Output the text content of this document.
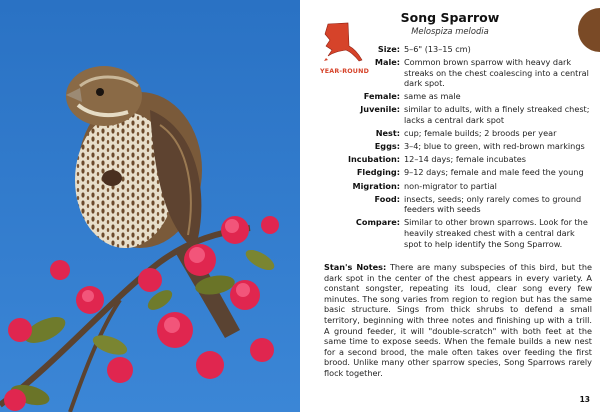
YEAR-ROUND
Song Sparrow
Melospiza melodia
Size: 5–6" (13–15 cm)
Male: Common brown sparrow with heavy dark streaks on the chest coalescing into a central dark spot.
Female: same as male
Juvenile: similar to adults, with a finely streaked chest; lacks a central dark spot
Nest: cup; female builds; 2 broods per year
Eggs: 3–4; blue to green, with red-brown markings
Incubation: 12–14 days; female incubates
Fledging: 9–12 days; female and male feed the young
Migration: non-migrator to partial
Food: insects, seeds; only rarely comes to ground feeders with seeds
Compare: Similar to other brown sparrows. Look for the heavily streaked chest with a central dark spot to help identify the Song Sparrow.
Stan's Notes: There are many subspecies of this bird, but the dark spot in the center of the chest appears in every variety. A constant songster, repeating its loud, clear song every few minutes. The song varies from region to region but has the same basic structure. Sings from thick shrubs to defend a small territory, beginning with three notes and finishing up with a trill. A ground feeder, it will "double-scratch" with both feet at the same time to expose seeds. When the female builds a new nest for a second brood, the male often takes over feeding the first brood. Unlike many other sparrow species, Song Sparrows rarely flock together.
13
